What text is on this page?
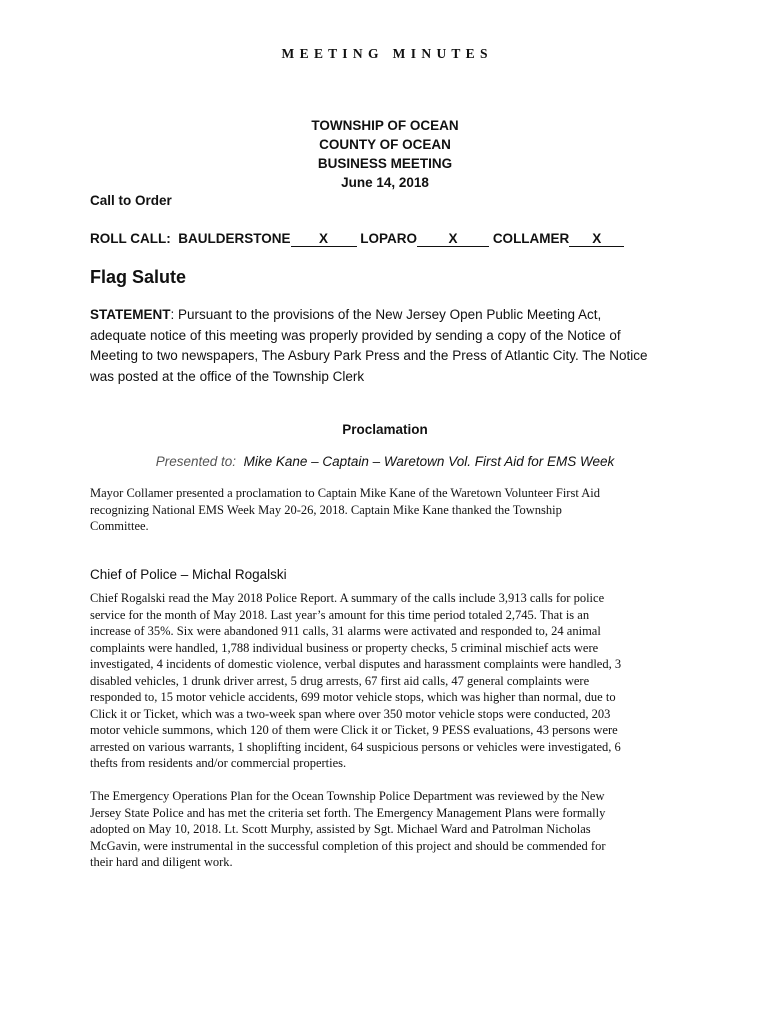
M E E T I N G   M I N U T E S
TOWNSHIP OF OCEAN
COUNTY OF OCEAN
BUSINESS MEETING
June 14, 2018
Call to Order
ROLL CALL: BAULDERSTONE X LOPARO X	COLLAMER X
Flag Salute
STATEMENT: Pursuant to the provisions of the New Jersey Open Public Meeting Act,
adequate notice of this meeting was properly provided by sending a copy of the Notice of
Meeting to two newspapers, The Asbury Park Press and the Press of Atlantic City. The Notice
was posted at the office of the Township Clerk
Proclamation
Presented to: Mike Kane – Captain – Waretown Vol. First Aid for EMS Week
Mayor Collamer presented a proclamation to Captain Mike Kane of the Waretown Volunteer First Aid
recognizing National EMS Week May 20-26, 2018. Captain Mike Kane thanked the Township
Committee.
Chief of Police – Michal Rogalski
Chief Rogalski read the May 2018 Police Report. A summary of the calls include 3,913 calls for police
service for the month of May 2018. Last year’s amount for this time period totaled 2,745. That is an
increase of 35%. Six were abandoned 911 calls, 31 alarms were activated and responded to, 24 animal
complaints were handled, 1,788 individual business or property checks, 5 criminal mischief acts were
investigated, 4 incidents of domestic violence, verbal disputes and harassment complaints were handled, 3
disabled vehicles, 1 drunk driver arrest, 5 drug arrests, 67 first aid calls, 47 general complaints were
responded to, 15 motor vehicle accidents, 699 motor vehicle stops, which was higher than normal, due to
Click it or Ticket, which was a two-week span where over 350 motor vehicle stops were conducted, 203
motor vehicle summons, which 120 of them were Click it or Ticket, 9 PESS evaluations, 43 persons were
arrested on various warrants, 1 shoplifting incident, 64 suspicious persons or vehicles were investigated, 6
thefts from residents and/or commercial properties.
The Emergency Operations Plan for the Ocean Township Police Department was reviewed by the New
Jersey State Police and has met the criteria set forth. The Emergency Management Plans were formally
adopted on May 10, 2018. Lt. Scott Murphy, assisted by Sgt. Michael Ward and Patrolman Nicholas
McGavin, were instrumental in the successful completion of this project and should be commended for
their hard and diligent work.
